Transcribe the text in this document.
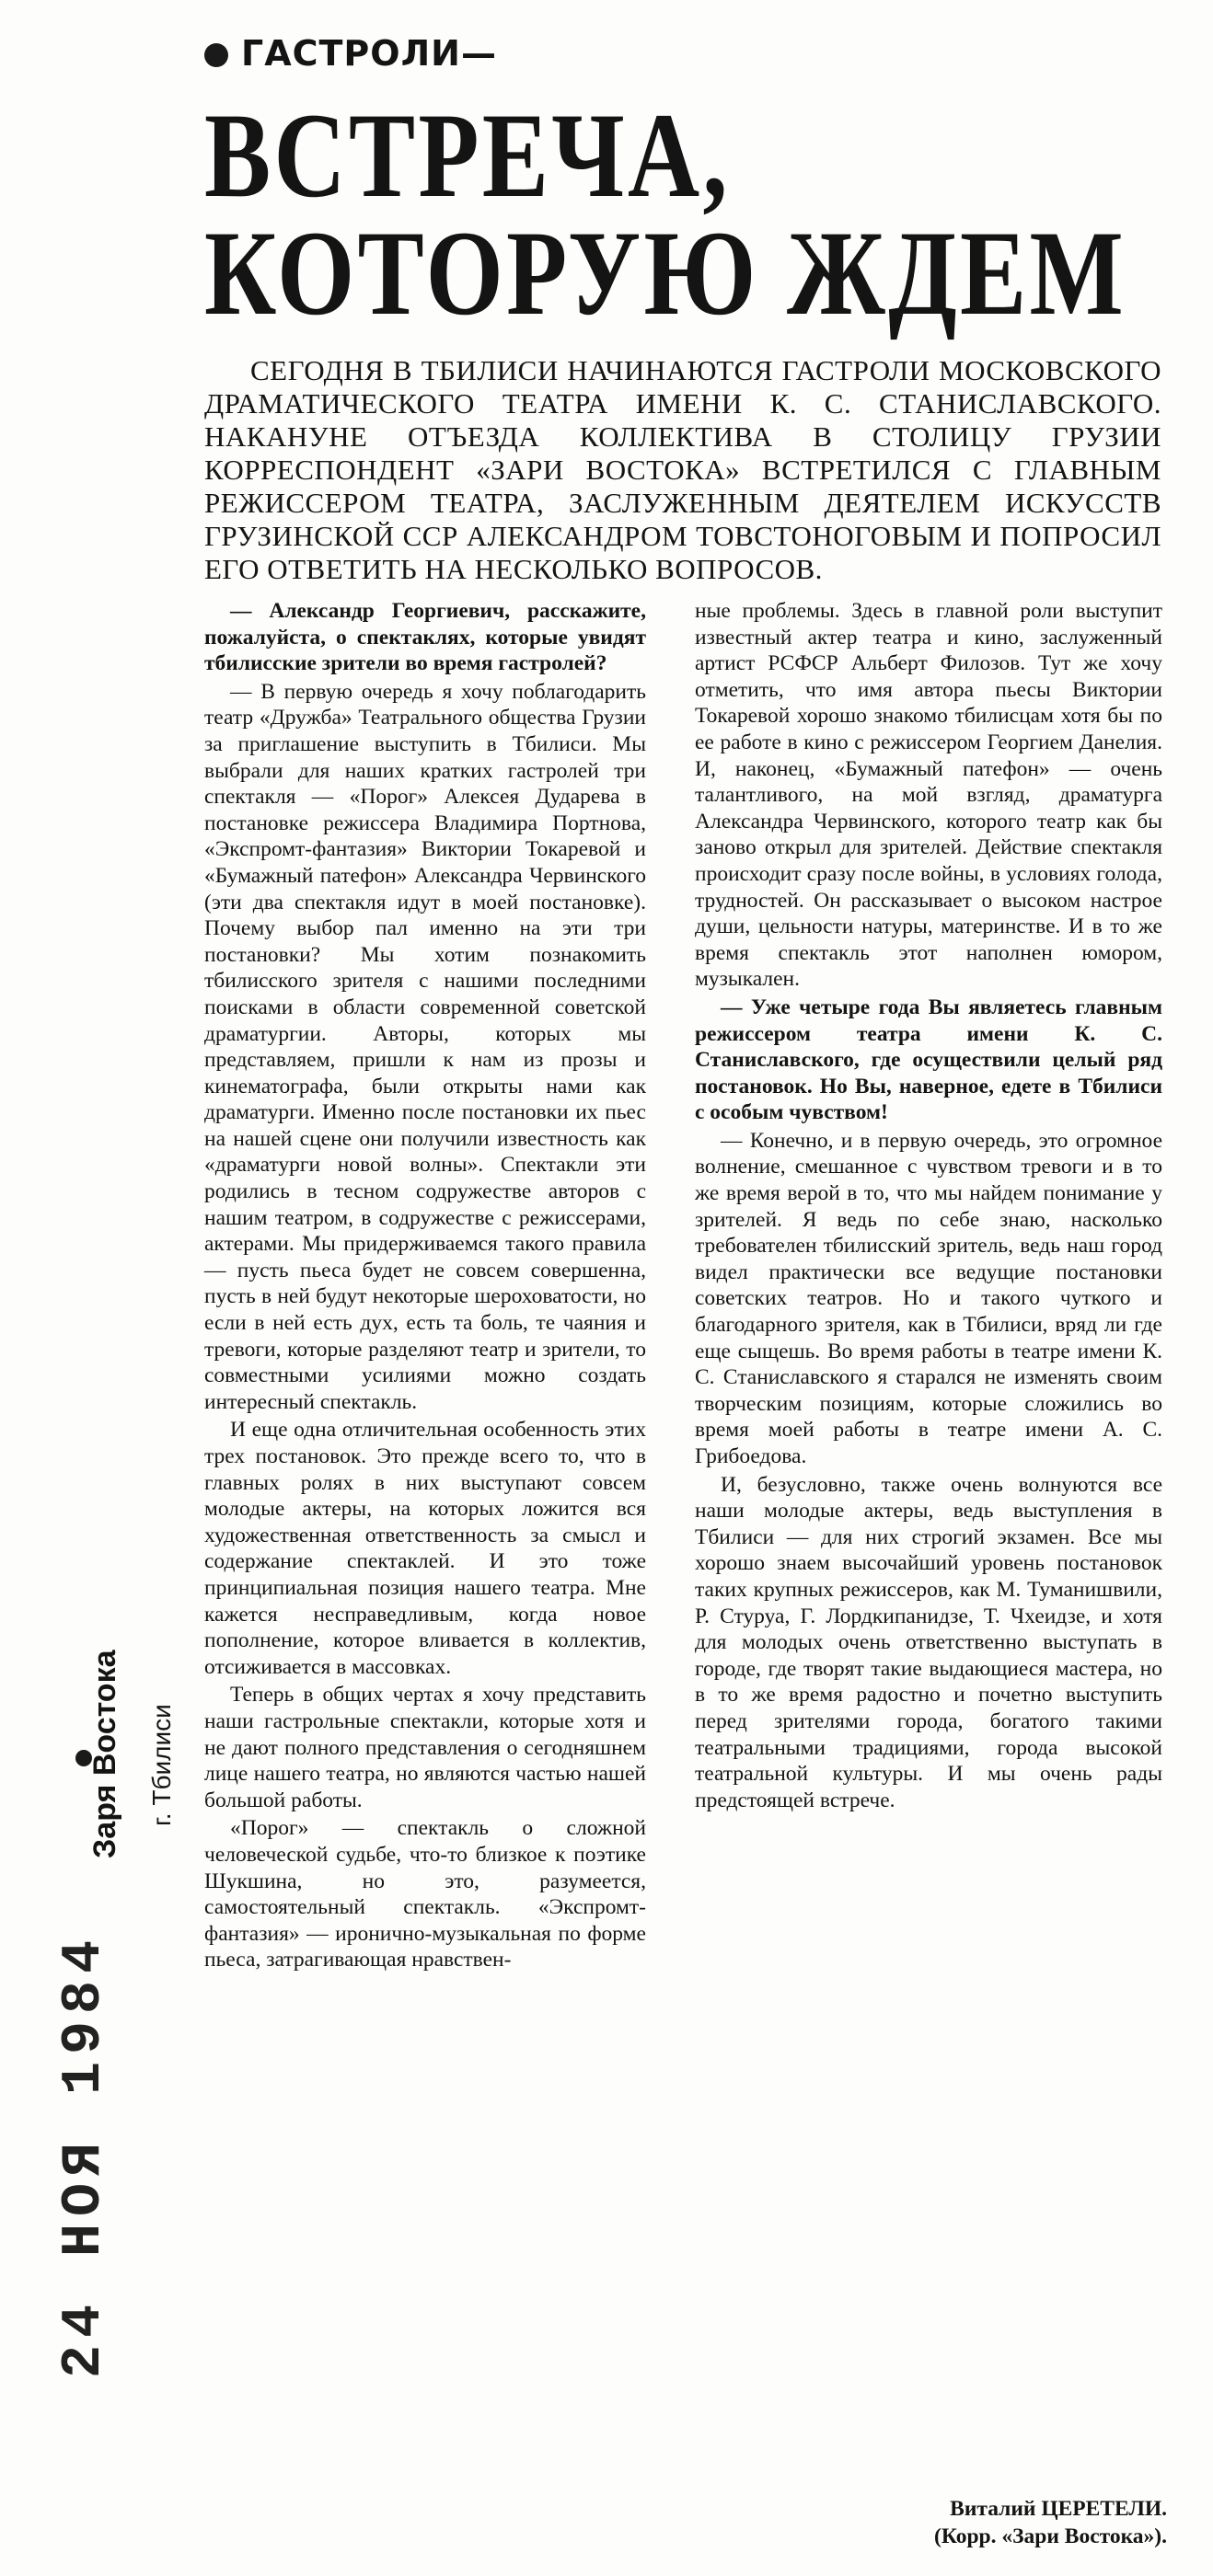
ГАСТРОЛИ—
ВСТРЕЧА,
КОТОРУЮ ЖДЕМ
СЕГОДНЯ В ТБИЛИСИ НАЧИНАЮТСЯ ГАСТРОЛИ МОСКОВСКОГО ДРАМАТИЧЕСКОГО ТЕАТРА ИМЕНИ К. С. СТАНИСЛАВСКОГО. НАКАНУНЕ ОТЪЕЗДА КОЛЛЕКТИВА В СТОЛИЦУ ГРУЗИИ КОРРЕСПОНДЕНТ «ЗАРИ ВОСТОКА» ВСТРЕТИЛСЯ С ГЛАВНЫМ РЕЖИССЕРОМ ТЕАТРА, ЗАСЛУЖЕННЫМ ДЕЯТЕЛЕМ ИСКУССТВ ГРУЗИНСКОЙ ССР АЛЕКСАНДРОМ ТОВСТОНОГОВЫМ И ПОПРОСИЛ ЕГО ОТВЕТИТЬ НА НЕСКОЛЬКО ВОПРОСОВ.

— Александр Георгиевич, расскажите, пожалуйста, о спектаклях, которые увидят тбилисские зрители во время гастролей?

— В первую очередь я хочу поблагодарить театр «Дружба» Театрального общества Грузии за приглашение выступить в Тбилиси. Мы выбрали для наших кратких гастролей три спектакля — «Порог» Алексея Дударева в постановке режиссера Владимира Портнова, «Экспромт-фантазия» Виктории Токаревой и «Бумажный патефон» Александра Червинского (эти два спектакля идут в моей постановке). Почему выбор пал именно на эти три постановки? Мы хотим познакомить тбилисского зрителя с нашими последними поисками в области современной советской драматургии. Авторы, которых мы представляем, пришли к нам из прозы и кинематографа, были открыты нами как драматурги. Именно после постановки их пьес на нашей сцене они получили известность как «драматурги новой волны». Спектакли эти родились в тесном содружестве авторов с нашим театром, в содружестве с режиссерами, актерами. Мы придерживаемся такого правила — пусть пьеса будет не совсем совершенна, пусть в ней будут некоторые шероховатости, но если в ней есть дух, есть та боль, те чаяния и тревоги, которые разделяют театр и зрители, то совместными усилиями можно создать интересный спектакль.

И еще одна отличительная особенность этих трех постановок. Это прежде всего то, что в главных ролях в них выступают совсем молодые актеры, на которых ложится вся художественная ответственность за смысл и содержание спектаклей. И это тоже принципиальная позиция нашего театра. Мне кажется несправедливым, когда новое пополнение, которое вливается в коллектив, отсиживается в массовках.

Теперь в общих чертах я хочу представить наши гастрольные спектакли, которые хотя и не дают полного представления о сегодняшнем лице нашего театра, но являются частью нашей большой работы.

«Порог» — спектакль о сложной человеческой судьбе, что-то близкое к поэтике Шукшина, но это, разумеется, самостоятельный спектакль. «Экспромт-фантазия» — иронично-музыкальная по форме пьеса, затрагивающая нравствен-

ные проблемы. Здесь в главной роли выступит известный актер театра и кино, заслуженный артист РСФСР Альберт Филозов. Тут же хочу отметить, что имя автора пьесы Виктории Токаревой хорошо знакомо тбилисцам хотя бы по ее работе в кино с режиссером Георгием Данелия. И, наконец, «Бумажный патефон» — очень талантливого, на мой взгляд, драматурга Александра Червинского, которого театр как бы заново открыл для зрителей. Действие спектакля происходит сразу после войны, в условиях голода, трудностей. Он рассказывает о высоком настрое души, цельности натуры, материнстве. И в то же время спектакль этот наполнен юмором, музыкален.

— Уже четыре года Вы являетесь главным режиссером театра имени К. С. Станиславского, где осуществили целый ряд постановок. Но Вы, наверное, едете в Тбилиси с особым чувством!

— Конечно, и в первую очередь, это огромное волнение, смешанное с чувством тревоги и в то же время верой в то, что мы найдем понимание у зрителей. Я ведь по себе знаю, насколько требователен тбилисский зритель, ведь наш город видел практически все ведущие постановки советских театров. Но и такого чуткого и благодарного зрителя, как в Тбилиси, вряд ли где еще сыщешь. Во время работы в театре имени К. С. Станиславского я старался не изменять своим творческим позициям, которые сложились во время моей работы в театре имени А. С. Грибоедова.

И, безусловно, также очень волнуются все наши молодые актеры, ведь выступления в Тбилиси — для них строгий экзамен. Все мы хорошо знаем высочайший уровень постановок таких крупных режиссеров, как М. Туманишвили, Р. Стуруа, Г. Лордкипанидзе, Т. Чхеидзе, и хотя для молодых очень ответственно выступать в городе, где творят такие выдающиеся мастера, но в то же время радостно и почетно выступить перед зрителями города, богатого такими театральными традициями, города высокой театральной культуры. И мы очень рады предстоящей встрече.

Виталий ЦЕРЕТЕЛИ.
(Корр. «Зари Востока»).
Заря Востока г. Тбилиси
24 НОЯ 1984
